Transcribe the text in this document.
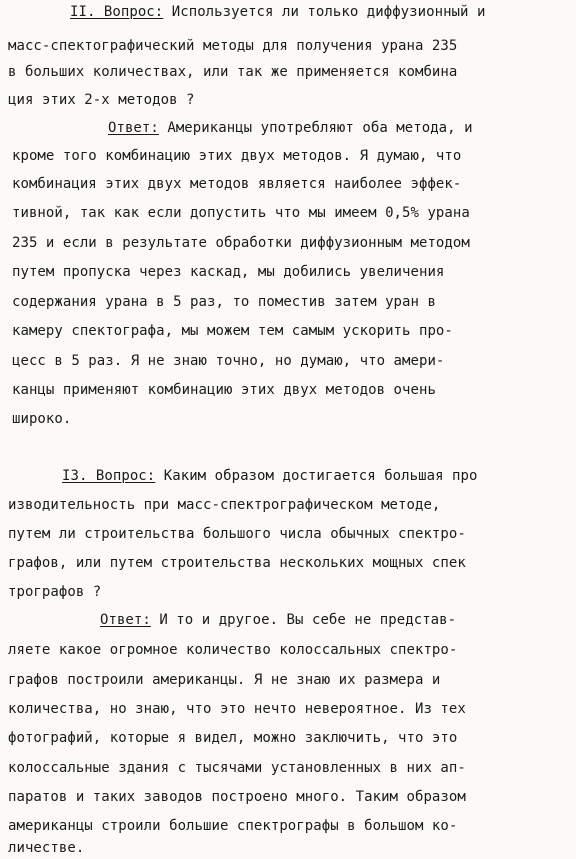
II. Вопрос: Используется ли только диффузионный и
масс-спектографический методы для получения урана 235
в больших количествах, или так же применяется комбина
ция этих 2-х методов ?
Ответ: Американцы употребляют оба метода, и
кроме того комбинацию этих двух методов. Я думаю, что
комбинация этих двух методов является наиболее эффек-
тивной, так как если допустить что мы имеем 0,5% урана
235 и если в результате обработки диффузионным методом
путем пропуска через каскад, мы добились увеличения
содержания урана в 5 раз, то поместив затем уран в
камеру спектографа, мы можем тем самым ускорить про-
цесс в 5 раз. Я не знаю точно, но думаю, что амери-
канцы применяют комбинацию этих двух методов очень
широко.
I3. Вопрос: Каким образом достигается большая про
изводительность при масс-спектрографическом методе,
путем ли строительства большого числа обычных спектро-
графов, или путем строительства нескольких мощных спек
трографов ?
Ответ: И то и другое. Вы себе не представ-
ляете какое огромное количество колоссальных спектро-
графов построили американцы. Я не знаю их размера и
количества, но знаю, что это нечто невероятное. Из тех
фотографий, которые я видел, можно заключить, что это
колоссальные здания с тысячами установленных в них ап-
паратов и таких заводов построено много. Таким образом
американцы строили большие спектрографы в большом ко-
личестве.
